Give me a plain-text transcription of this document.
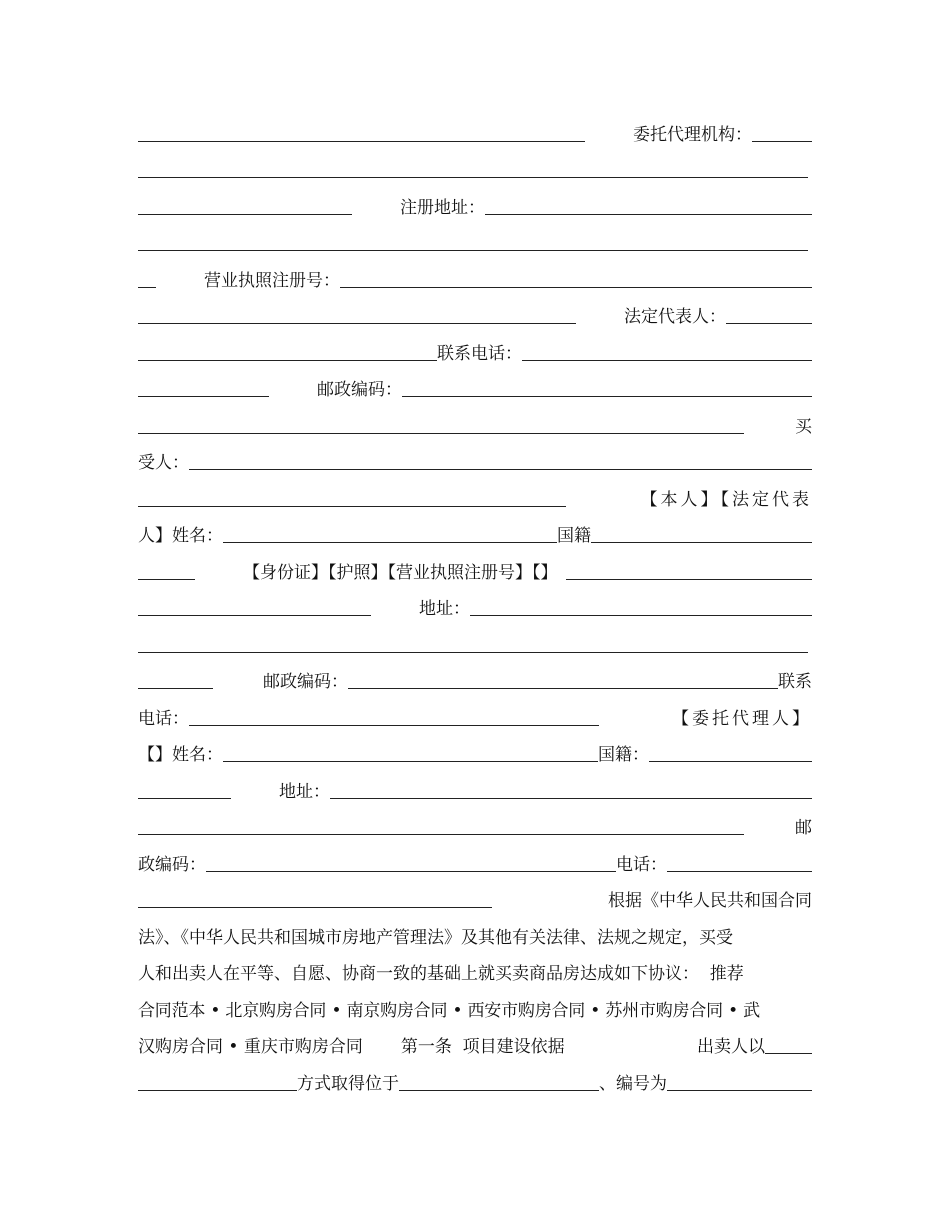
委托代理机构：
注册地址：
营业执照注册号：
法定代表人：
联系电话：
邮政编码：
买
受人：
【本人】【法定代表
人】姓名：	国籍
【身份证】【护照】【营业执照注册号】【】
地址：
邮政编码：	联系
电话：	【委托代理人】
【】姓名：	国籍：
地址：
邮
政编码：	电话：
根据《中华人民共和国合同
法》、《中华人民共和国城市房地产管理法》及其他有关法律、法规之规定，买受
人和出卖人在平等、自愿、协商一致的基础上就买卖商品房达成如下协议：  推荐
合同范本 • 北京购房合同 • 南京购房合同 • 西安市购房合同 • 苏州市购房合同 • 武
汉购房合同 • 重庆市购房合同 第一条  项目建设依据	出卖人以
方式取得位于	、编号为
